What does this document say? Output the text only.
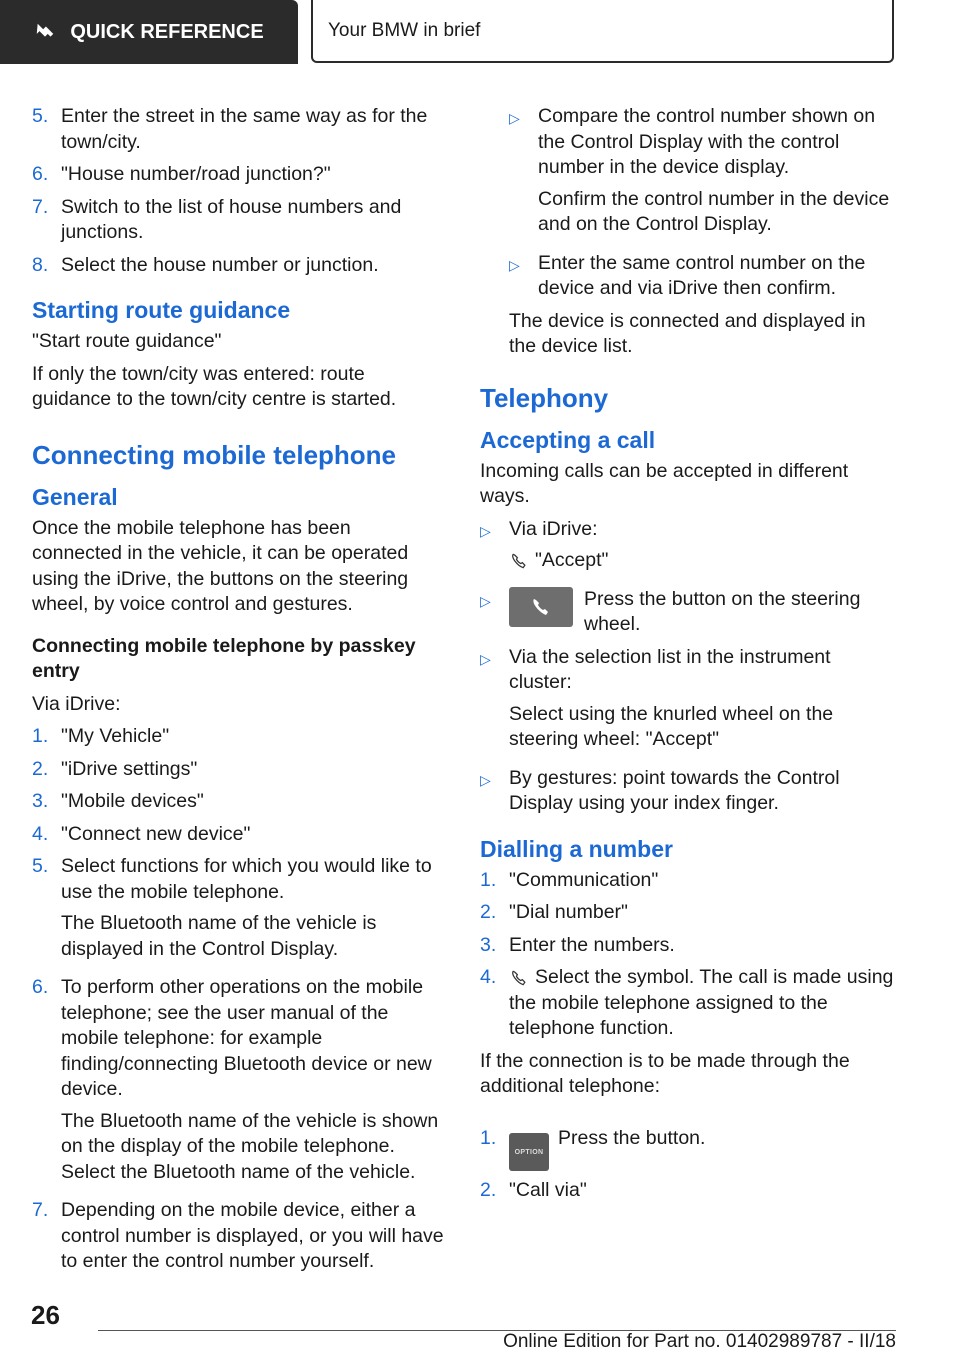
QUICK REFERENCE	Your BMW in brief
5. Enter the street in the same way as for the town/city.
6. "House number/road junction?"
7. Switch to the list of house numbers and junctions.
8. Select the house number or junction.
Starting route guidance

"Start route guidance"

If only the town/city was entered: route guidance to the town/city centre is started.

Connecting mobile telephone
General

Once the mobile telephone has been connected in the vehicle, it can be operated using the iDrive, the buttons on the steering wheel, by voice control and gestures.

Connecting mobile telephone by passkey entry

Via iDrive:

1. "My Vehicle"
2. "iDrive settings"
3. "Mobile devices"
4. "Connect new device"
5. Select functions for which you would like to use the mobile telephone.

The Bluetooth name of the vehicle is displayed in the Control Display.

6. To perform other operations on the mobile telephone; see the user manual of the mobile telephone: for example finding/connecting Bluetooth device or new device.

The Bluetooth name of the vehicle is shown on the display of the mobile telephone. Select the Bluetooth name of the vehicle.

7. Depending on the mobile device, either a control number is displayed, or you will have to enter the control number yourself.
▷ Compare the control number shown on the Control Display with the control number in the device display.

Confirm the control number in the device and on the Control Display.

▷ Enter the same control number on the device and via iDrive then confirm.

The device is connected and displayed in the device list.

Telephony
Accepting a call

Incoming calls can be accepted in different ways.

▷ Via iDrive:

"Accept"

▷	Press the button on the steering wheel.
▷ Via the selection list in the instrument cluster:

Select using the knurled wheel on the steering wheel: "Accept"

▷ By gestures: point towards the Control Display using your index finger.
Dialling a number
1. "Communication"
2. "Dial number"
3. Enter the numbers.
4.	Select the symbol. The call is made using the mobile telephone assigned to the telephone function.

If the connection is to be made through the additional telephone:

1.
OPTION
Press the button.
2. "Call via"
26
Online Edition for Part no. 01402989787 - II/18
